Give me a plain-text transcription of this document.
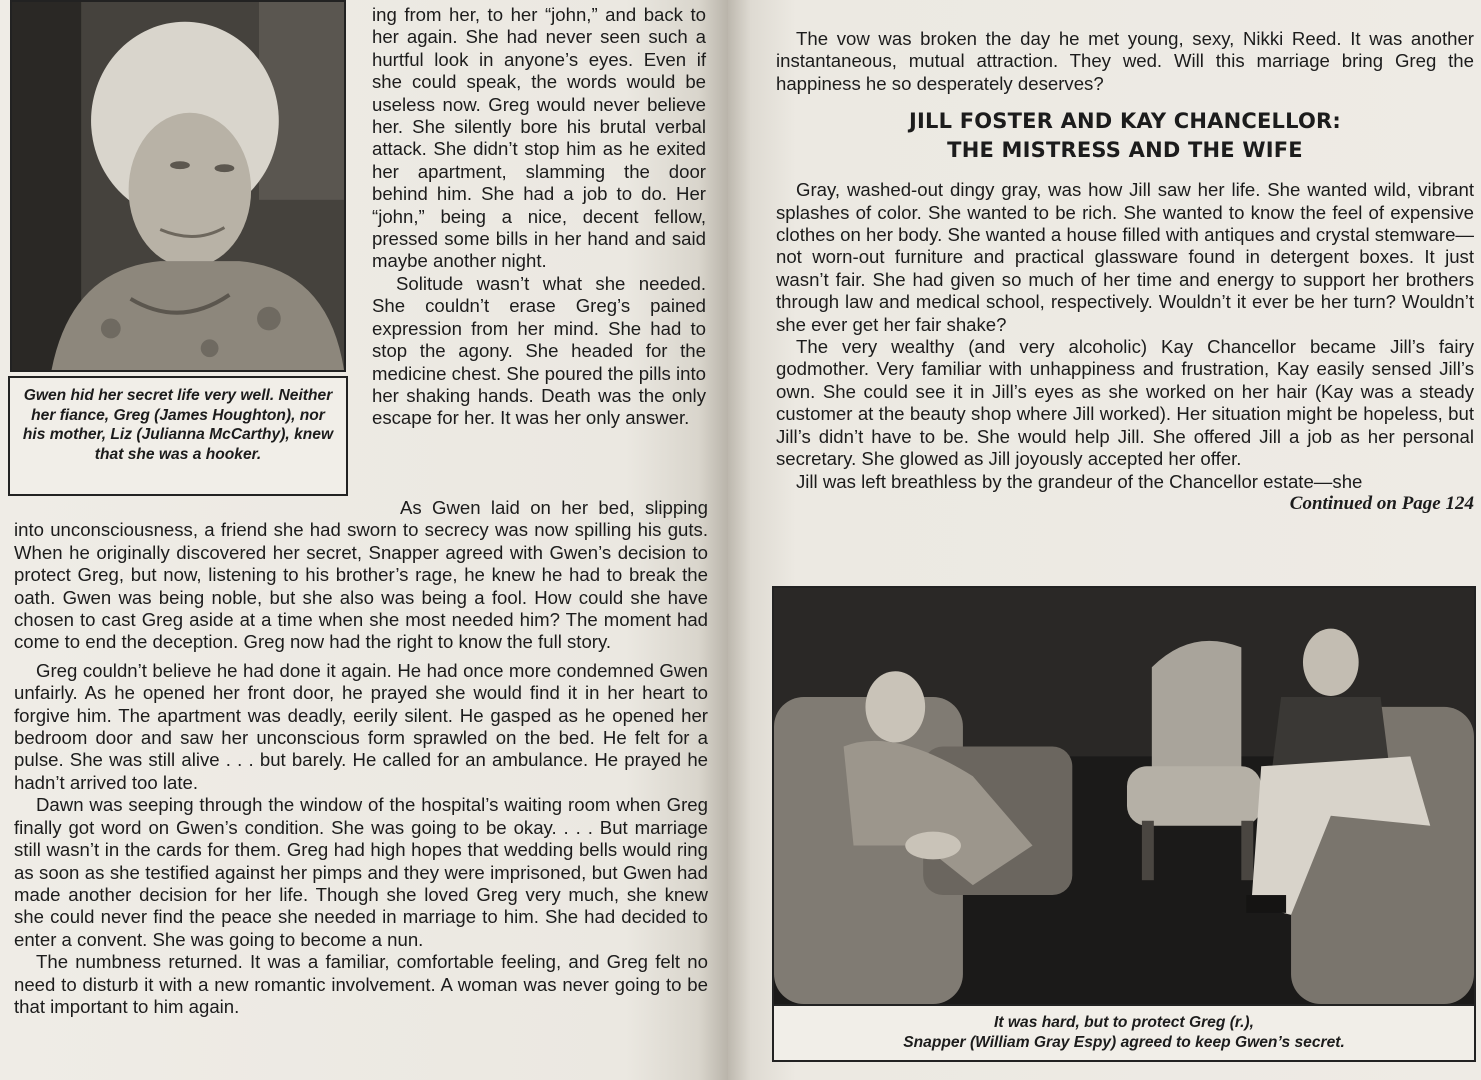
Gwen hid her secret life very well. Neither her fiance, Greg (James Houghton), nor his mother, Liz (Julianna McCarthy), knew that she was a hooker.

ing from her, to her “john,” and back to her again. She had never seen such a hurtful look in anyone’s eyes. Even if she could speak, the words would be useless now. Greg would never believe her. She silently bore his brutal verbal attack. She didn’t stop him as he exited her apartment, slamming the door behind him. She had a job to do. Her “john,” being a nice, decent fellow, pressed some bills in her hand and said maybe another night.

Solitude wasn’t what she needed. She couldn’t erase Greg’s pained expression from her mind. She had to stop the agony. She headed for the medicine chest. She poured the pills into her shaking hands. Death was the only escape for her. It was her only answer.

As Gwen laid on her bed, slipping into unconsciousness, a friend she had sworn to secrecy was now spilling his guts. When he originally discovered her secret, Snapper agreed with Gwen’s decision to protect Greg, but now, listening to his brother’s rage, he knew he had to break the oath. Gwen was being noble, but she also was being a fool. How could she have chosen to cast Greg aside at a time when she most needed him? The moment had come to end the deception. Greg now had the right to know the full story.

Greg couldn’t believe he had done it again. He had once more condemned Gwen unfairly. As he opened her front door, he prayed she would find it in her heart to forgive him. The apartment was deadly, eerily silent. He gasped as he opened her bedroom door and saw her unconscious form sprawled on the bed. He felt for a pulse. She was still alive . . . but barely. He called for an ambulance. He prayed he hadn’t arrived too late.

Dawn was seeping through the window of the hospital’s waiting room when Greg finally got word on Gwen’s condition. She was going to be okay. . . . But marriage still wasn’t in the cards for them. Greg had high hopes that wedding bells would ring as soon as she testified against her pimps and they were imprisoned, but Gwen had made another decision for her life. Though she loved Greg very much, she knew she could never find the peace she needed in marriage to him. She had decided to enter a convent. She was going to become a nun.

The numbness returned. It was a familiar, comfortable feeling, and Greg felt no need to disturb it with a new romantic involvement. A woman was never going to be that important to him again.

The vow was broken the day he met young, sexy, Nikki Reed. It was another instantaneous, mutual attraction. They wed. Will this marriage bring Greg the happiness he so desperately deserves?

JILL FOSTER AND KAY CHANCELLOR:
THE MISTRESS AND THE WIFE

Gray, washed-out dingy gray, was how Jill saw her life. She wanted wild, vibrant splashes of color. She wanted to be rich. She wanted to know the feel of expensive clothes on her body. She wanted a house filled with antiques and crystal stemware—not worn-out furniture and practical glassware found in detergent boxes. It just wasn’t fair. She had given so much of her time and energy to support her brothers through law and medical school, respectively. Wouldn’t it ever be her turn? Wouldn’t she ever get her fair shake?

The very wealthy (and very alcoholic) Kay Chancellor became Jill’s fairy godmother. Very familiar with unhappiness and frustration, Kay easily sensed Jill’s own. She could see it in Jill’s eyes as she worked on her hair (Kay was a steady customer at the beauty shop where Jill worked). Her situation might be hopeless, but Jill’s didn’t have to be. She would help Jill. She offered Jill a job as her personal secretary. She glowed as Jill joyously accepted her offer.

Jill was left breathless by the grandeur of the Chancellor estate—she

Continued on Page 124
It was hard, but to protect Greg (r.),
Snapper (William Gray Espy) agreed to keep Gwen’s secret.
